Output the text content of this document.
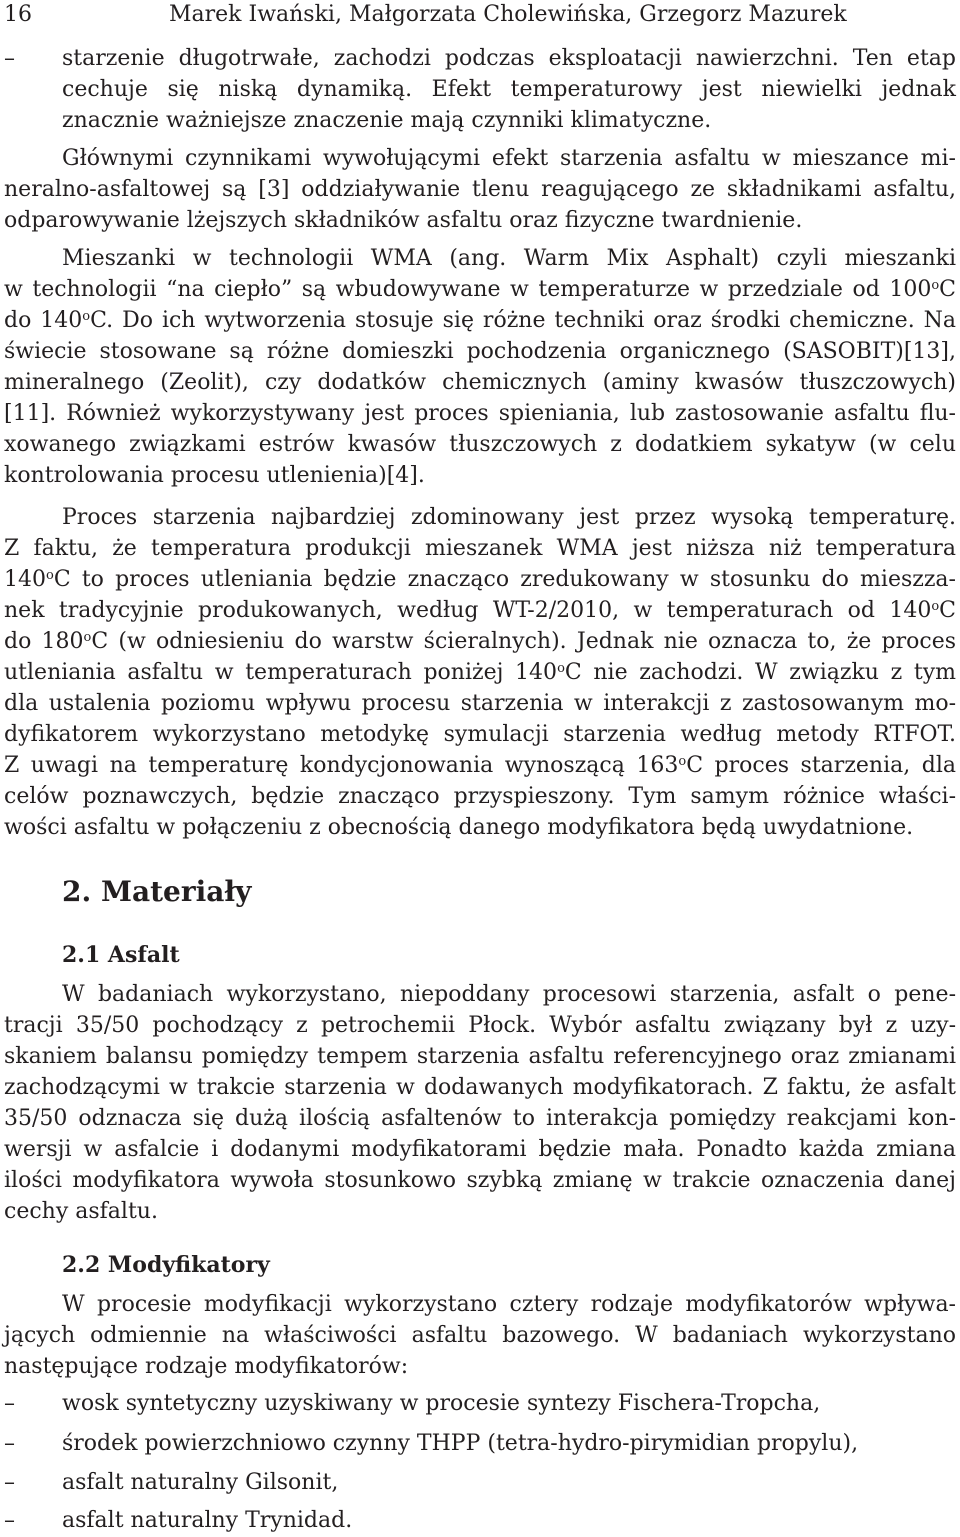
16	Marek Iwański, Małgorzata Cholewińska, Grzegorz Mazurek
– starzenie długotrwałe, zachodzi podczas eksploatacji nawierzchni. Ten etap
cechuje się niską dynamiką. Efekt temperaturowy jest niewielki jednak
znacznie ważniejsze znaczenie mają czynniki klimatyczne.
Głównymi czynnikami wywołującymi efekt starzenia asfaltu w mieszance mi-
neralno-asfaltowej są [3] oddziaływanie tlenu reagującego ze składnikami asfaltu,
odparowywanie lżejszych składników asfaltu oraz fizyczne twardnienie.
Mieszanki w technologii WMA (ang. Warm Mix Asphalt) czyli mieszanki
w technologii “na ciepło” są wbudowywane w temperaturze w przedziale od 100$^o$C
do 140$^o$C. Do ich wytworzenia stosuje się różne techniki oraz środki chemiczne. Na
świecie stosowane są różne domieszki pochodzenia organicznego (SASOBIT)[13],
mineralnego (Zeolit), czy dodatków chemicznych (aminy kwasów tłuszczowych)
[11]. Również wykorzystywany jest proces spieniania, lub zastosowanie asfaltu flu-
xowanego związkami estrów kwasów tłuszczowych z dodatkiem sykatyw (w celu
kontrolowania procesu utlenienia)[4].
Proces starzenia najbardziej zdominowany jest przez wysoką temperaturę.
Z faktu, że temperatura produkcji mieszanek WMA jest niższa niż temperatura
140$^o$C to proces utleniania będzie znacząco zredukowany w stosunku do mieszza-
nek tradycyjnie produkowanych, według WT-2/2010, w temperaturach od 140$^o$C
do 180$^o$C (w odniesieniu do warstw ścieralnych). Jednak nie oznacza to, że proces
utleniania asfaltu w temperaturach poniżej 140$^o$C nie zachodzi. W związku z tym
dla ustalenia poziomu wpływu procesu starzenia w interakcji z zastosowanym mo-
dyfikatorem wykorzystano metodykę symulacji starzenia według metody RTFOT.
Z uwagi na temperaturę kondycjonowania wynoszącą 163$^o$C proces starzenia, dla
celów poznawczych, będzie znacząco przyspieszony. Tym samym różnice właści-
wości asfaltu w połączeniu z obecnością danego modyfikatora będą uwydatnione.
2. Materiały
2.1 Asfalt
W badaniach wykorzystano, niepoddany procesowi starzenia, asfalt o pene-
tracji 35/50 pochodzący z petrochemii Płock. Wybór asfaltu związany był z uzy-
skaniem balansu pomiędzy tempem starzenia asfaltu referencyjnego oraz zmianami
zachodzącymi w trakcie starzenia w dodawanych modyfikatorach. Z faktu, że asfalt
35/50 odznacza się dużą ilością asfaltenów to interakcja pomiędzy reakcjami kon-
wersji w asfalcie i dodanymi modyfikatorami będzie mała. Ponadto każda zmiana
ilości modyfikatora wywoła stosunkowo szybką zmianę w trakcie oznaczenia danej
cechy asfaltu.
2.2 Modyfikatory
W procesie modyfikacji wykorzystano cztery rodzaje modyfikatorów wpływa-
jących odmiennie na właściwości asfaltu bazowego. W badaniach wykorzystano
następujące rodzaje modyfikatorów:
– wosk syntetyczny uzyskiwany w procesie syntezy Fischera-Tropcha,
– środek powierzchniowo czynny THPP (tetra-hydro-pirymidian propylu),
– asfalt naturalny Gilsonit,
– asfalt naturalny Trynidad.
